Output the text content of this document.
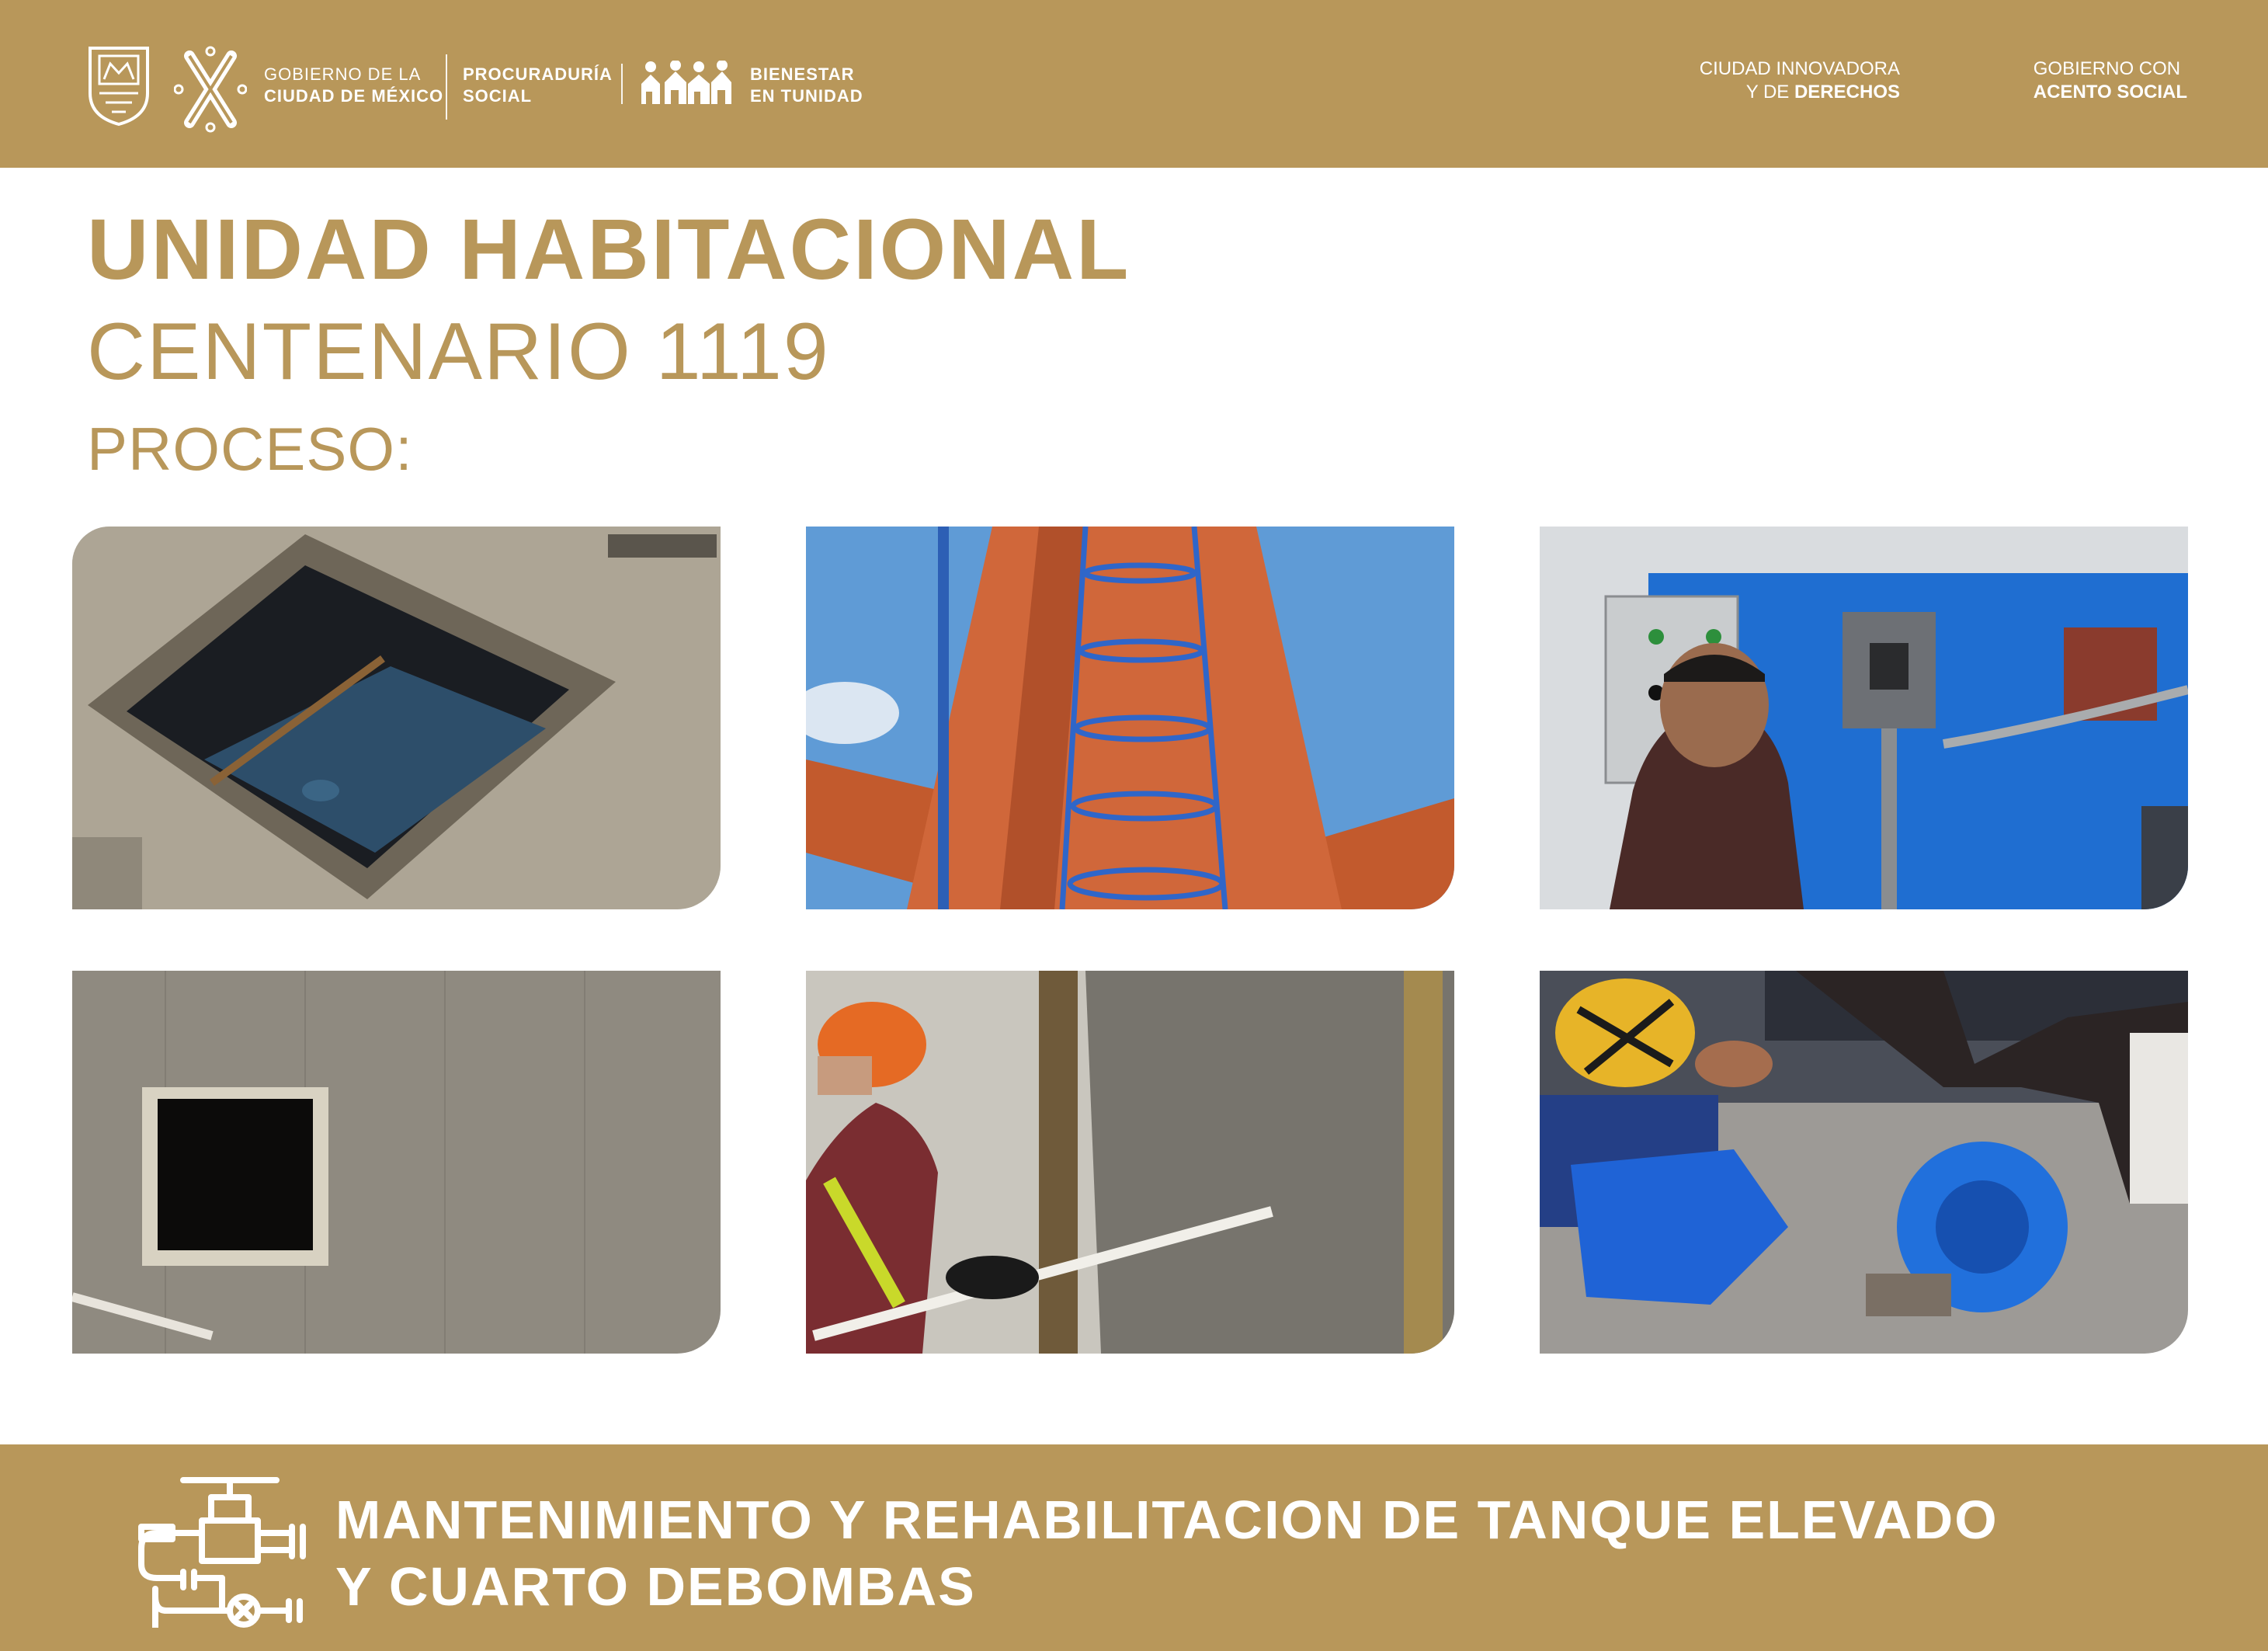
GOBIERNO DE LA
CIUDAD DE MÉXICO
PROCURADURÍA
SOCIAL
BIENESTAR
EN TUNIDAD
CIUDAD INNOVADORA
Y DE DERECHOS
GOBIERNO CON
ACENTO SOCIAL
UNIDAD HABITACIONAL
CENTENARIO 1119
PROCESO:
MANTENIMIENTO Y REHABILITACION DE TANQUE ELEVADO
Y CUARTO DEBOMBAS
